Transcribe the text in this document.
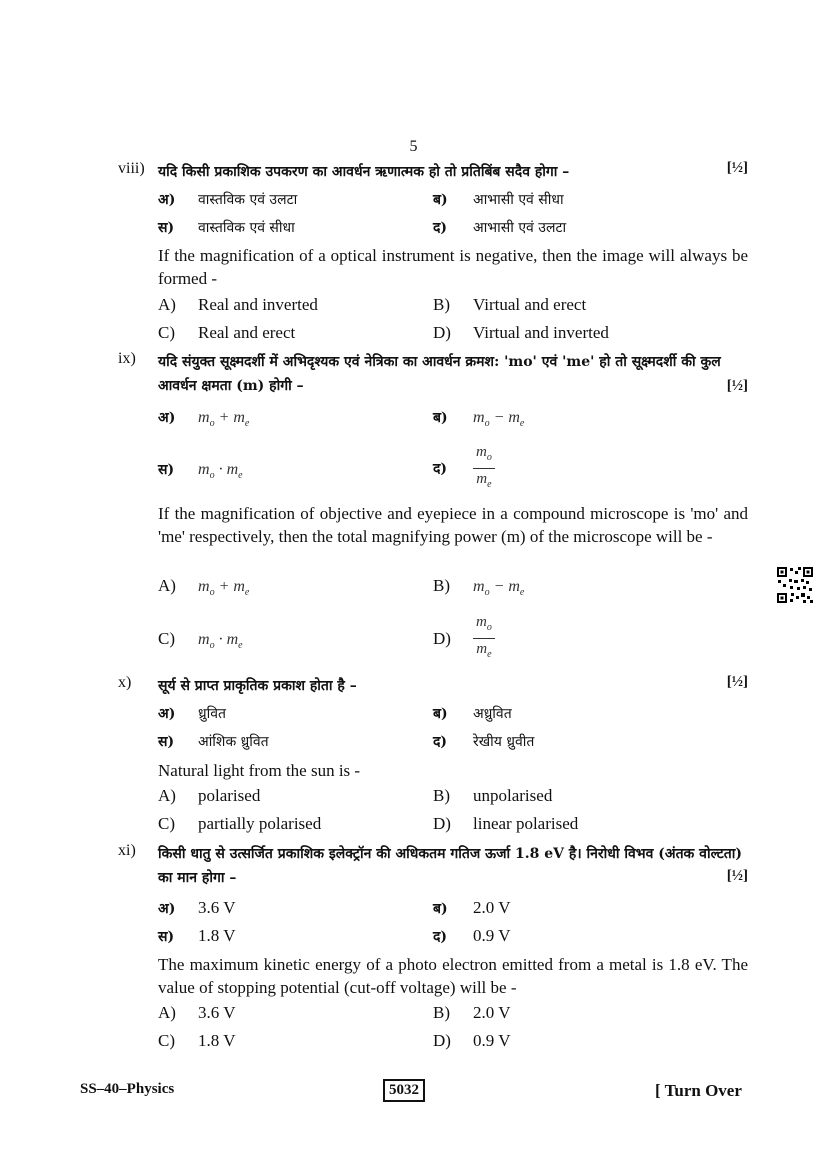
5
viii)	[½]
यदि किसी प्रकाशिक उपकरण का आवर्धन ऋणात्मक हो तो प्रतिबिंब सदैव होगा –
अ) वास्तविक एवं उलटा	ब) आभासी एवं सीधा
स) वास्तविक एवं सीधा	द) आभासी एवं उलटा
If the magnification of a optical instrument is negative, then the image will always be formed -
A) Real and inverted	B) Virtual and erect
C) Real and erect	D) Virtual and inverted
ix)
[½]
यदि संयुक्त सूक्ष्मदर्शी में अभिदृश्यक एवं नेत्रिका का आवर्धन क्रमश: 'mo' एवं 'me' हो तो सूक्ष्मदर्शी की कुल आवर्धन क्षमता (m) होगी –
अ) $m_o + m_e$	ब) $m_o - m_e$
स) $m_o \cdot m_e$	द) $\frac{m_o}{m_e}$
If the magnification of objective and eyepiece in a compound microscope is 'mo' and 'me' respectively, then the total magnifying power (m) of the microscope will be -
A) $m_o + m_e$	B) $m_o - m_e$
C) $m_o \cdot m_e$	$D) \frac{m_o}{m_e}$
x)	[½]
सूर्य से प्राप्त प्राकृतिक प्रकाश होता है –
अ) ध्रुवित	ब) अध्रुवित
स) आंशिक ध्रुवित	द) रेखीय ध्रुवीत
Natural light from the sun is -
A) polarised	B) unpolarised
C) partially polarised	D) linear polarised
xi)
[½]
किसी धातु से उत्सर्जित प्रकाशिक इलेक्ट्रॉन की अधिकतम गतिज ऊर्जा 1.8 eV है। निरोधी विभव (अंतक वोल्टता) का मान होगा –
अ) 3.6 V	ब) 2.0 V
स) 1.8 V	द) 0.9 V
The maximum kinetic energy of a photo electron emitted from a metal is 1.8 eV. The value of stopping potential (cut-off voltage) will be -
A) 3.6 V	B) 2.0 V
C) 1.8 V	D) 0.9 V
SS–40–Physics	5032	[ Turn Over
